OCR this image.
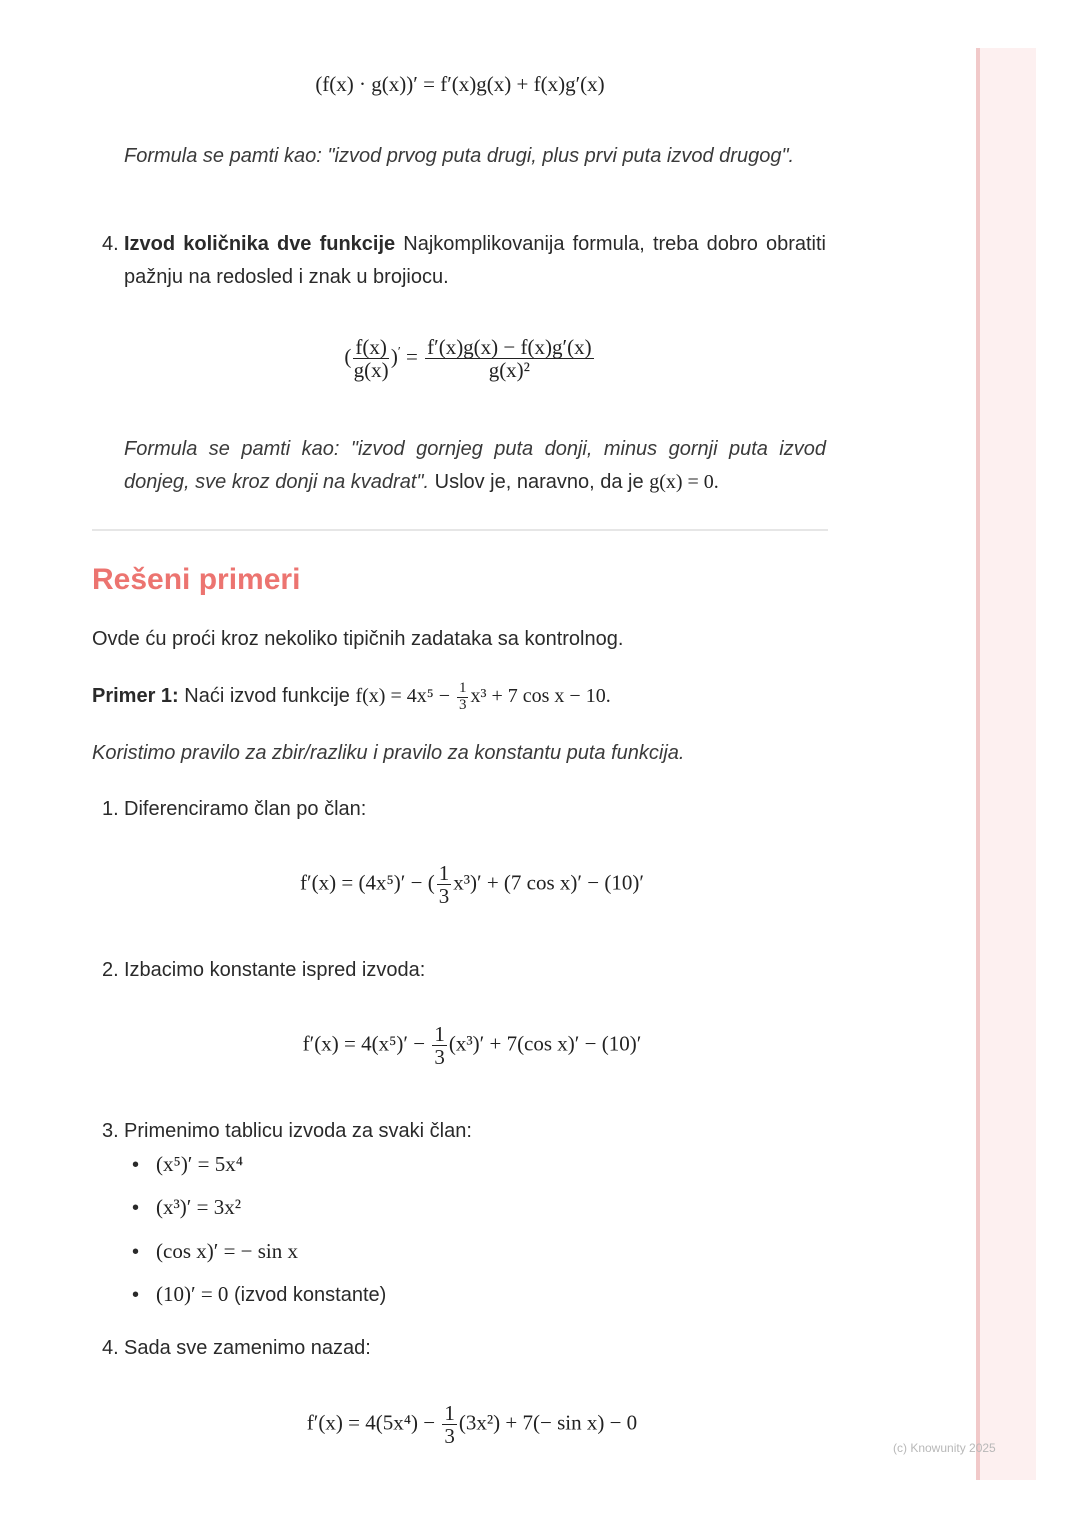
(f(x) · g(x))′ = f′(x)g(x) + f(x)g′(x)
Formula se pamti kao: "izvod prvog puta drugi, plus prvi puta izvod drugog".
4. Izvod količnika dve funkcije Najkomplikovanija formula, treba dobro obratiti pažnju na redosled i znak u brojiocu.
( $\frac{f(x)}{g(x)} )' = \frac{f'(x)g(x) - f(x)g'(x)}{\text{g(x)²}}$
Formula se pamti kao: "izvod gornjeg puta donji, minus gornji puta izvod donjeg, sve kroz donji na kvadrat". Uslov je, naravno, da je g(x) = 0.
Rešeni primeri
Ovde ću proći kroz nekoliko tipičnih zadataka sa kontrolnog.
Primer 1: Naći izvod funkcije $f(x) = 4x^5 - \frac{1}{3} x^3 + 7$ cos x − 10.
Koristimo pravilo za zbir/razliku i pravilo za konstantu puta funkcija.
1. Diferenciramo član po član:
f′(x) = (4x⁵)′ − ( $\frac{1}{3} x^3)' + (7$ cos x)′ − (10)′
2. Izbacimo konstante ispred izvoda:
$f'(x) = 4(x^5)' - \frac{1}{3} (x^3)' + 7(\cos$ x)′ − (10)′
3. Primenimo tablicu izvoda za svaki član:
• (x⁵)′ = 5x⁴
• (x³)′ = 3x²
• (cos x)′ = − sin x
• (10)′ = 0 (izvod konstante)
4. Sada sve zamenimo nazad:
$f'(x) = 4(5x^4) - \frac{1}{3} (3x^2) + 7(- \sin x) - 0$
(c) Knowunity 2025
